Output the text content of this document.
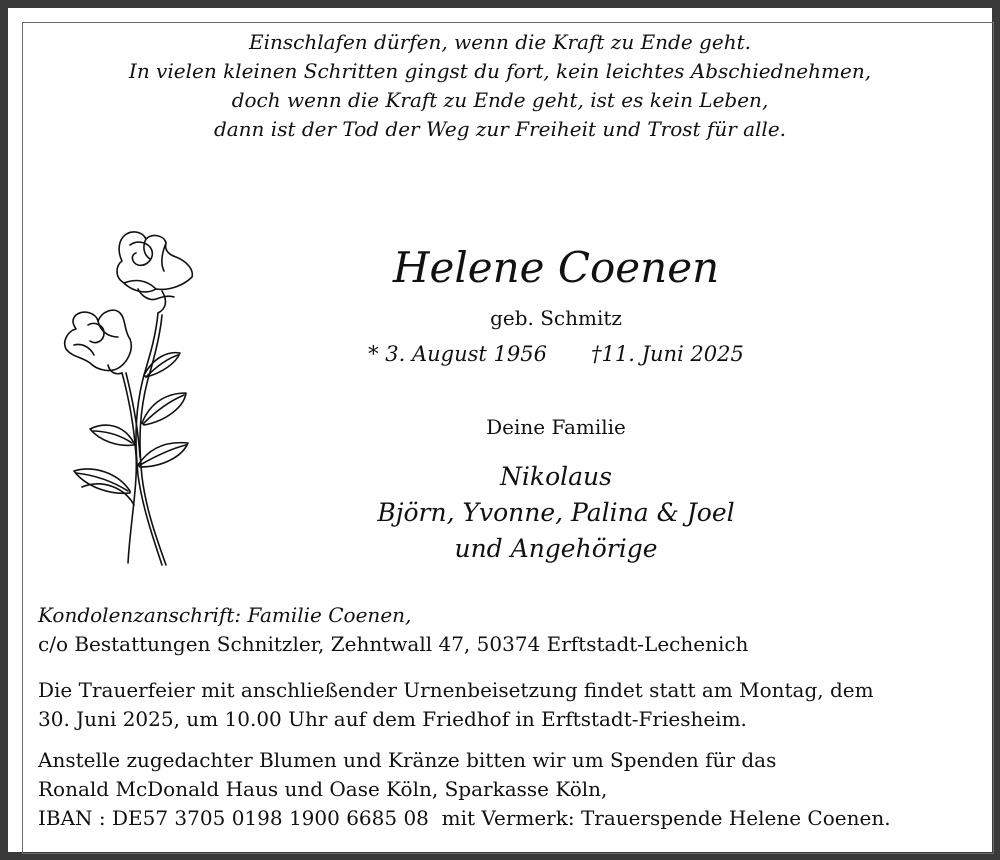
Einschlafen dürfen, wenn die Kraft zu Ende geht.
In vielen kleinen Schritten gingst du fort, kein leichtes Abschiednehmen,
doch wenn die Kraft zu Ende geht, ist es kein Leben,
dann ist der Tod der Weg zur Freiheit und Trost für alle.
Helene Coenen
geb. Schmitz
* 3. August 1956 †11. Juni 2025
Deine Familie
Nikolaus
Björn, Yvonne, Palina & Joel
und Angehörige
Kondolenzanschrift: Familie Coenen,
c/o Bestattungen Schnitzler, Zehntwall 47, 50374 Erftstadt-Lechenich
Die Trauerfeier mit anschließender Urnenbeisetzung findet statt am Montag, dem
30. Juni 2025, um 10.00 Uhr auf dem Friedhof in Erftstadt-Friesheim.
Anstelle zugedachter Blumen und Kränze bitten wir um Spenden für das
Ronald McDonald Haus und Oase Köln, Sparkasse Köln,
IBAN : DE57 3705 0198 1900 6685 08  mit Vermerk: Trauerspende Helene Coenen.
